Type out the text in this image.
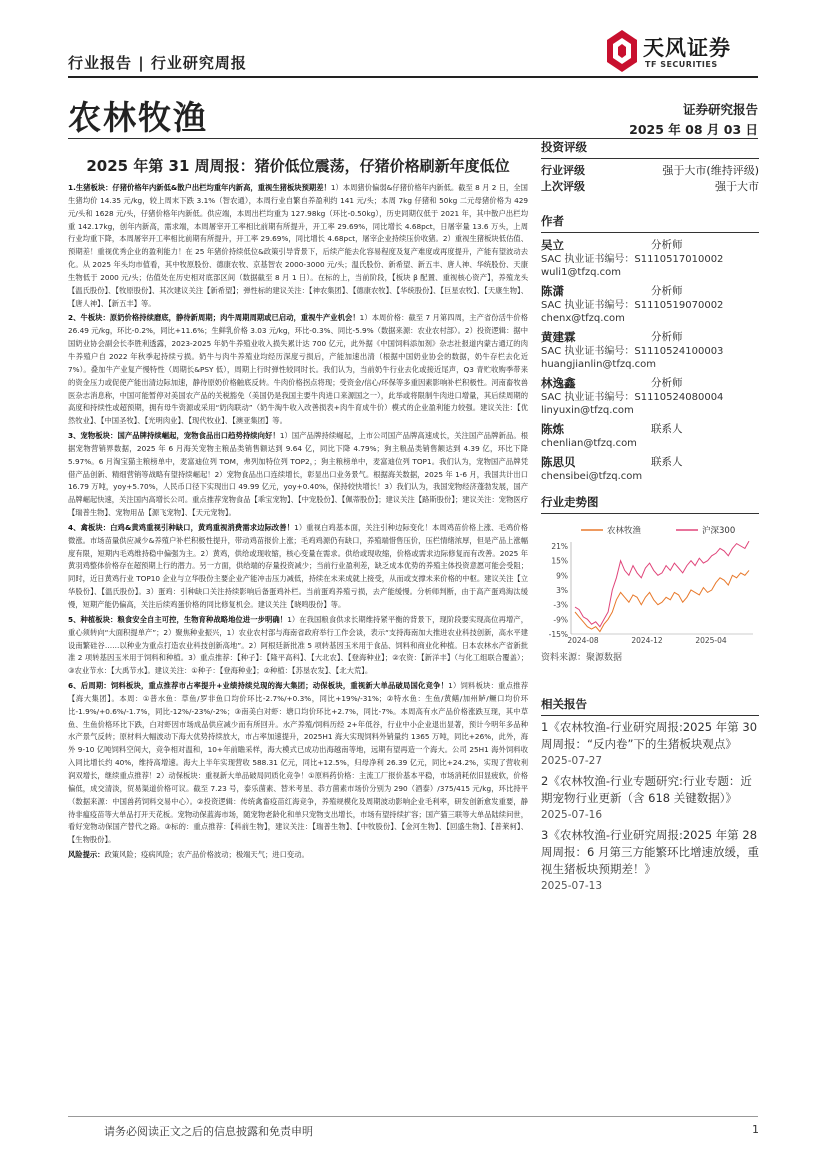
行业报告 | 行业研究周报
天风证券
TF SECURITIES
农林牧渔	证券研究报告
2025 年 08 月 03 日
2025 年第 31 周周报：猪价低位震荡，仔猪价格刷新年度低位

1.生猪板块：仔猪价格年内新低&散户出栏均重年内新高，重视生猪板块预期差！1）本周猪价偏弱&仔猪价格年内新低。截至 8 月 2 日，全国生猪均价 14.35 元/kg，较上周末下跌 3.1%（智农通），本周行业自繁自养盈利约 141 元/头；本周 7kg 仔猪和 50kg 二元母猪价格为 429 元/头和 1628 元/头，仔猪价格年内新低。供应端，本周出栏均重为 127.98kg（环比-0.50kg），历史同期仅低于 2021 年，其中散户出栏均重 142.17kg，创年内新高，需求端，本周屠宰开工率相比前期有所提升，开工率 29.69%，同比增长 4.68pct，日屠宰量 13.6 万头，上周行业均重下降，本周屠宰开工率相比前期有所提升，开工率 29.69%，同比增长 4.68pct，屠宰企业持续压价收猪。2）重视生猪板块低估值、预期差！重视优秀企业的盈利能力！在 25 年猪价持续低位&政策引导背景下，后续产能去化容易程度及复产难度或再度提升，产能有望波动去化。从 2025 年头均市值看，其中牧原股份、德康农牧、京基智农 2000-3000 元/头；温氏股份、新希望、新五丰、唐人神、华统股份、天康生物低于 2000 元/头；估值处在历史相对底部区间（数据截至 8 月 1 日）。在标的上，当前阶段，【板块 β 配置、重视核心资产】，养殖龙头【温氏股份】、【牧原股份】、其次建议关注【新希望】；弹性标的建议关注：【神农集团】、【德康农牧】、【华统股份】、【巨星农牧】、【天康生物】、【唐人神】、【新五丰】等。

2、牛板块：原奶价格持续磨底，静待新周期；肉牛周期周期或已启动，重视牛产业机会！1）本周价格：截至 7 月第四周，主产省份活牛价格 26.49 元/kg，环比-0.2%，同比+11.6%；生鲜乳价格 3.03 元/kg，环比-0.3%、同比-5.9%（数据来源：农业农村部）。2）投资逻辑：据中国奶业协会副会长李胜利透露，2023-2025 年奶牛养殖业收入损失累计达 700 亿元，此外据《中国饲料添加剂》杂志社报道内蒙古通辽的肉牛养殖户自 2022 年秋季起持续亏损。奶牛与肉牛养殖业均经历深度亏损后，产能加速出清（根据中国奶业协会的数据，奶牛存栏去化近 7%）。叠加牛产业复产慢特性（周期长&PSY 低），周期上行时弹性较同时长。我们认为，当前奶牛行业去化或接近尾声，Q3 青贮收购季带来的资金压力或促使产能出清边际加速，静待原奶价格触底反转。牛肉价格拐点将现；受资金/信心/环保等多重因素影响补栏积极性。河南畜牧兽医杂志消息称，中国可能暂停对美国农产品的关税豁免（美国仍是我国主要牛肉进口来源国之一），此举或将限制牛肉进口增量，其后续周期的高度和持续性或超预期，拥有母牛资源或采用“奶肉联动”（奶牛淘牛收入改善损表+肉牛育成牛价）模式的企业盈利能力较强。建议关注：【优然牧业】、【中国圣牧】、【光明肉业】、【现代牧业】、【澳亚集团】等。

3、宠物板块：国产品牌持续崛起，宠物食品出口趋势持续向好！1）国产品牌持续崛起，上市公司国产品牌高速成长，关注国产品牌新品。根据宠物营销界数据，2025 年 6 月海关宠物主粮品类销售额达到 9.64 亿，同比下降 4.79%；狗主粮品类销售额达到 4.39 亿，环比下降 5.97%。6 月淘宝猫主粮榜单中，麦富迪位列 TOM，弗列加特位列 TOP2，；狗主粮榜单中，麦富迪位列 TOP1。我们认为，宠物国产品牌凭借产品创新、精细营销等战略有望持续崛起！2）宠物食品出口连续增长，彰显出口业务景气。根据海关数据，2025 年 1-6 月，我国共计出口 16.79 万吨，yoy+5.70%，人民币口径下实现出口 49.99 亿元，yoy+0.40%，保持较快增长！3）我们认为，我国宠物经济蓬勃发展，国产品牌崛起快速，关注国内高增长公司。重点推荐宠物食品【乖宝宠物】、【中宠股份】、【佩蒂股份】；建议关注【路斯股份】；建议关注：宠物医疗【瑞普生物】、宠物用品【源飞宠物】、【天元宠物】。

4、禽板块：白鸡&黄鸡重视引种缺口，黄鸡重视消费需求边际改善！1）重视白鸡基本面，关注引种边际变化！本周鸡苗价格上涨、毛鸡价格微涨。市场苗量供应减少&养殖户补栏积极性提升，带动鸡苗报价上涨；毛鸡鸡源仍有缺口，养殖端惜售压价，压栏情绪浓厚，但是产品上涨幅度有限，短期内毛鸡维持稳中偏强为主。2）黄鸡，供给或现收缩，核心变量在需求。供给或现收缩，价格或需求边际修复而有改善。2025 年黄羽鸡整体价格存在超预期上行的潜力。另一方面，供给端的存量投资减少；当前行业盈利差，缺乏成本优势的养殖主体投资意愿可能会受阻；同时，近日黄鸡行业 TOP10 企业与立华股份主要企业产能冲击压力减低，持续在未来成就上接受，从而或支撑未来价格的中枢。建议关注【立华股份】、【温氏股份】。3）蛋鸡：引种缺口关注持续影响后备蛋鸡补栏。当前蛋鸡养殖亏损，去产能缓慢。分析师判断，由于高产蛋鸡淘汰缓慢，短期产能仍偏高，关注后续鸡蛋价格的同比修复机会。建议关注【晓鸣股份】等。

5、种植板块：粮食安全自主可控，生物育种战略地位进一步明确！1）在我国粮食供求长期维持紧平衡的背景下，现阶段要实现高位再增产，重心须转向“大面积提单产”；2）聚焦种业振兴，1）农业农村部与海南省政府举行工作会谈，表示“支持海南加大推进农业科技创新，高水平建设南繁硅谷……以种业为重点打造农业科技创新高地”。2）阿根廷新批准 5 项转基因玉米用于食品、饲料和商业化种植。日本农林水产省新批准 2 项转基因玉米用于饲料和种植。3）重点推荐：【种子】：【隆平高科】、【大北农】、【登海种业】；②农资：【新洋丰】（与化工组联合覆盖）；③农业节水：【大禹节水】。建议关注：①种子：【登海种业】；②种植：【苏垦农发】、【北大荒】。

6、后周期：饲料板块，重点推荐市占率提升+业绩持续兑现的海大集团；动保板块，重视新大单品破局国化竞争！1）饲料板块：重点推荐【海大集团】。本周：①普水鱼：草鱼/罗非鱼口均价环比-2.7%/+0.3%，同比+19%/-31%；②特水鱼：生鱼/黄鳝/加州鲈/鳜口均价环比-1.9%/+0.6%/-1.7%，同比-12%/-23%/-2%；③南美白对虾：塘口均价环比+2.7%，同比-7%。本周高有水产品价格涨跌互现，其中草鱼、生鱼价格环比下跌，白对虾因市场成品供应减少而有所回升。水产养殖/饲料历经 2+年低谷，行业中小企业退出显著，预计今明年多品种水产景气反转；原材料大幅波动下海大优势持续放大，市占率加速提升，2025H1 海大实现饲料外销量约 1365 万吨，同比+26%，此外，海外 9-10 亿吨饲料空间大，竞争相对温和，10+年前瞻采样，海大模式已成功出海越南等地，远期有望再造一个海大。公司 25H1 海外饲料收入同比增长约 40%，维持高增速。海大上半年实现营收 588.31 亿元，同比+12.5%，归母净利 26.39 亿元，同比+24.2%，实现了营收利润双增长，继续重点推荐！2）动保板块：重视新大单品破局同质化竞争！①原料药价格：主流工厂报价基本平稳，市场消耗依旧显疲软，价格偏低，成交清淡，贸易渠道价格可议。截至 7.23 号，泰乐菌素、替米考星、恭方菌素市场价分别为 290（酒泰）/375/415 元/kg，环比持平（数据来源：中国兽药饲料交易中心）。②投资逻辑：传统禽畜疫苗红海竞争，养殖规模化及周期波动影响企业毛利率，研发创新愈发重要，静待非瘟疫苗等大单品打开天花板。宠物动保蓝海市场，随宠物老龄化和单只宠物支出增长，市场有望持续扩容；国产猫三联等大单品陆续问世，看好宠物动保国产替代之路。③标的：重点推荐：【科前生物】，建议关注：【瑞普生物】、【中牧股份】、【金河生物】、【回盛生物】、【普莱柯】、【生物股份】。

风险提示：政策风险；疫病风险；农产品价格波动；极端天气；进口变动。

投资评级
行业评级	强于大市(维持评级)
上次评级	强于大市
作者
吴立	分析师
SAC 执业证书编号：S1110517010002
wuli1@tfzq.com
陈潇	分析师
SAC 执业证书编号：S1110519070002
chenx@tfzq.com
黄建霖	分析师
SAC 执业证书编号：S1110524100003
huangjianlin@tfzq.com
林逸鑫	分析师
SAC 执业证书编号：S1110524080004
linyuxin@tfzq.com
陈炼	联系人
chenlian@tfzq.com
陈思贝	联系人
chensibei@tfzq.com
行业走势图
农林牧渔	沪深300
21%
15%
9%
3%
-3%
-9%
-15%
2024-08	2024-12	2025-04
资料来源：聚源数据
相关报告
1《农林牧渔-行业研究周报:2025 年第 30 周周报：“反内卷”下的生猪板块观点》
2025-07-27
2《农林牧渔-行业专题研究:行业专题：近期宠物行业更新（含 618 关键数据）》
2025-07-16
3《农林牧渔-行业研究周报:2025 年第 28 周周报：6 月第三方能繁环比增速放缓，重视生猪板块预期差！》
2025-07-13
请务必阅读正文之后的信息披露和免责申明	1
